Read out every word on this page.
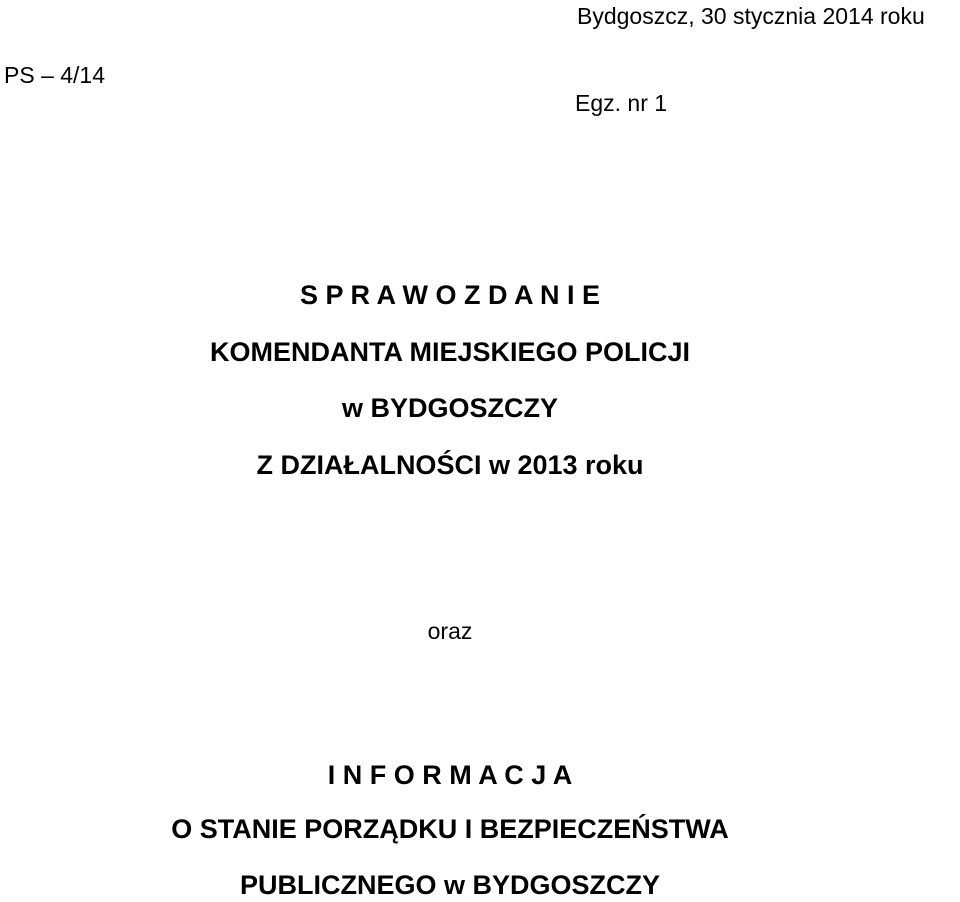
Bydgoszcz, 30 stycznia 2014 roku
PS – 4/14
Egz. nr 1
S P R A W O Z D A N I E
KOMENDANTA MIEJSKIEGO POLICJI
w BYDGOSZCZY
Z DZIAŁALNOŚCI w 2013 roku
oraz
I N F O R M A C J A
O STANIE PORZĄDKU I BEZPIECZEŃSTWA
PUBLICZNEGO w BYDGOSZCZY
